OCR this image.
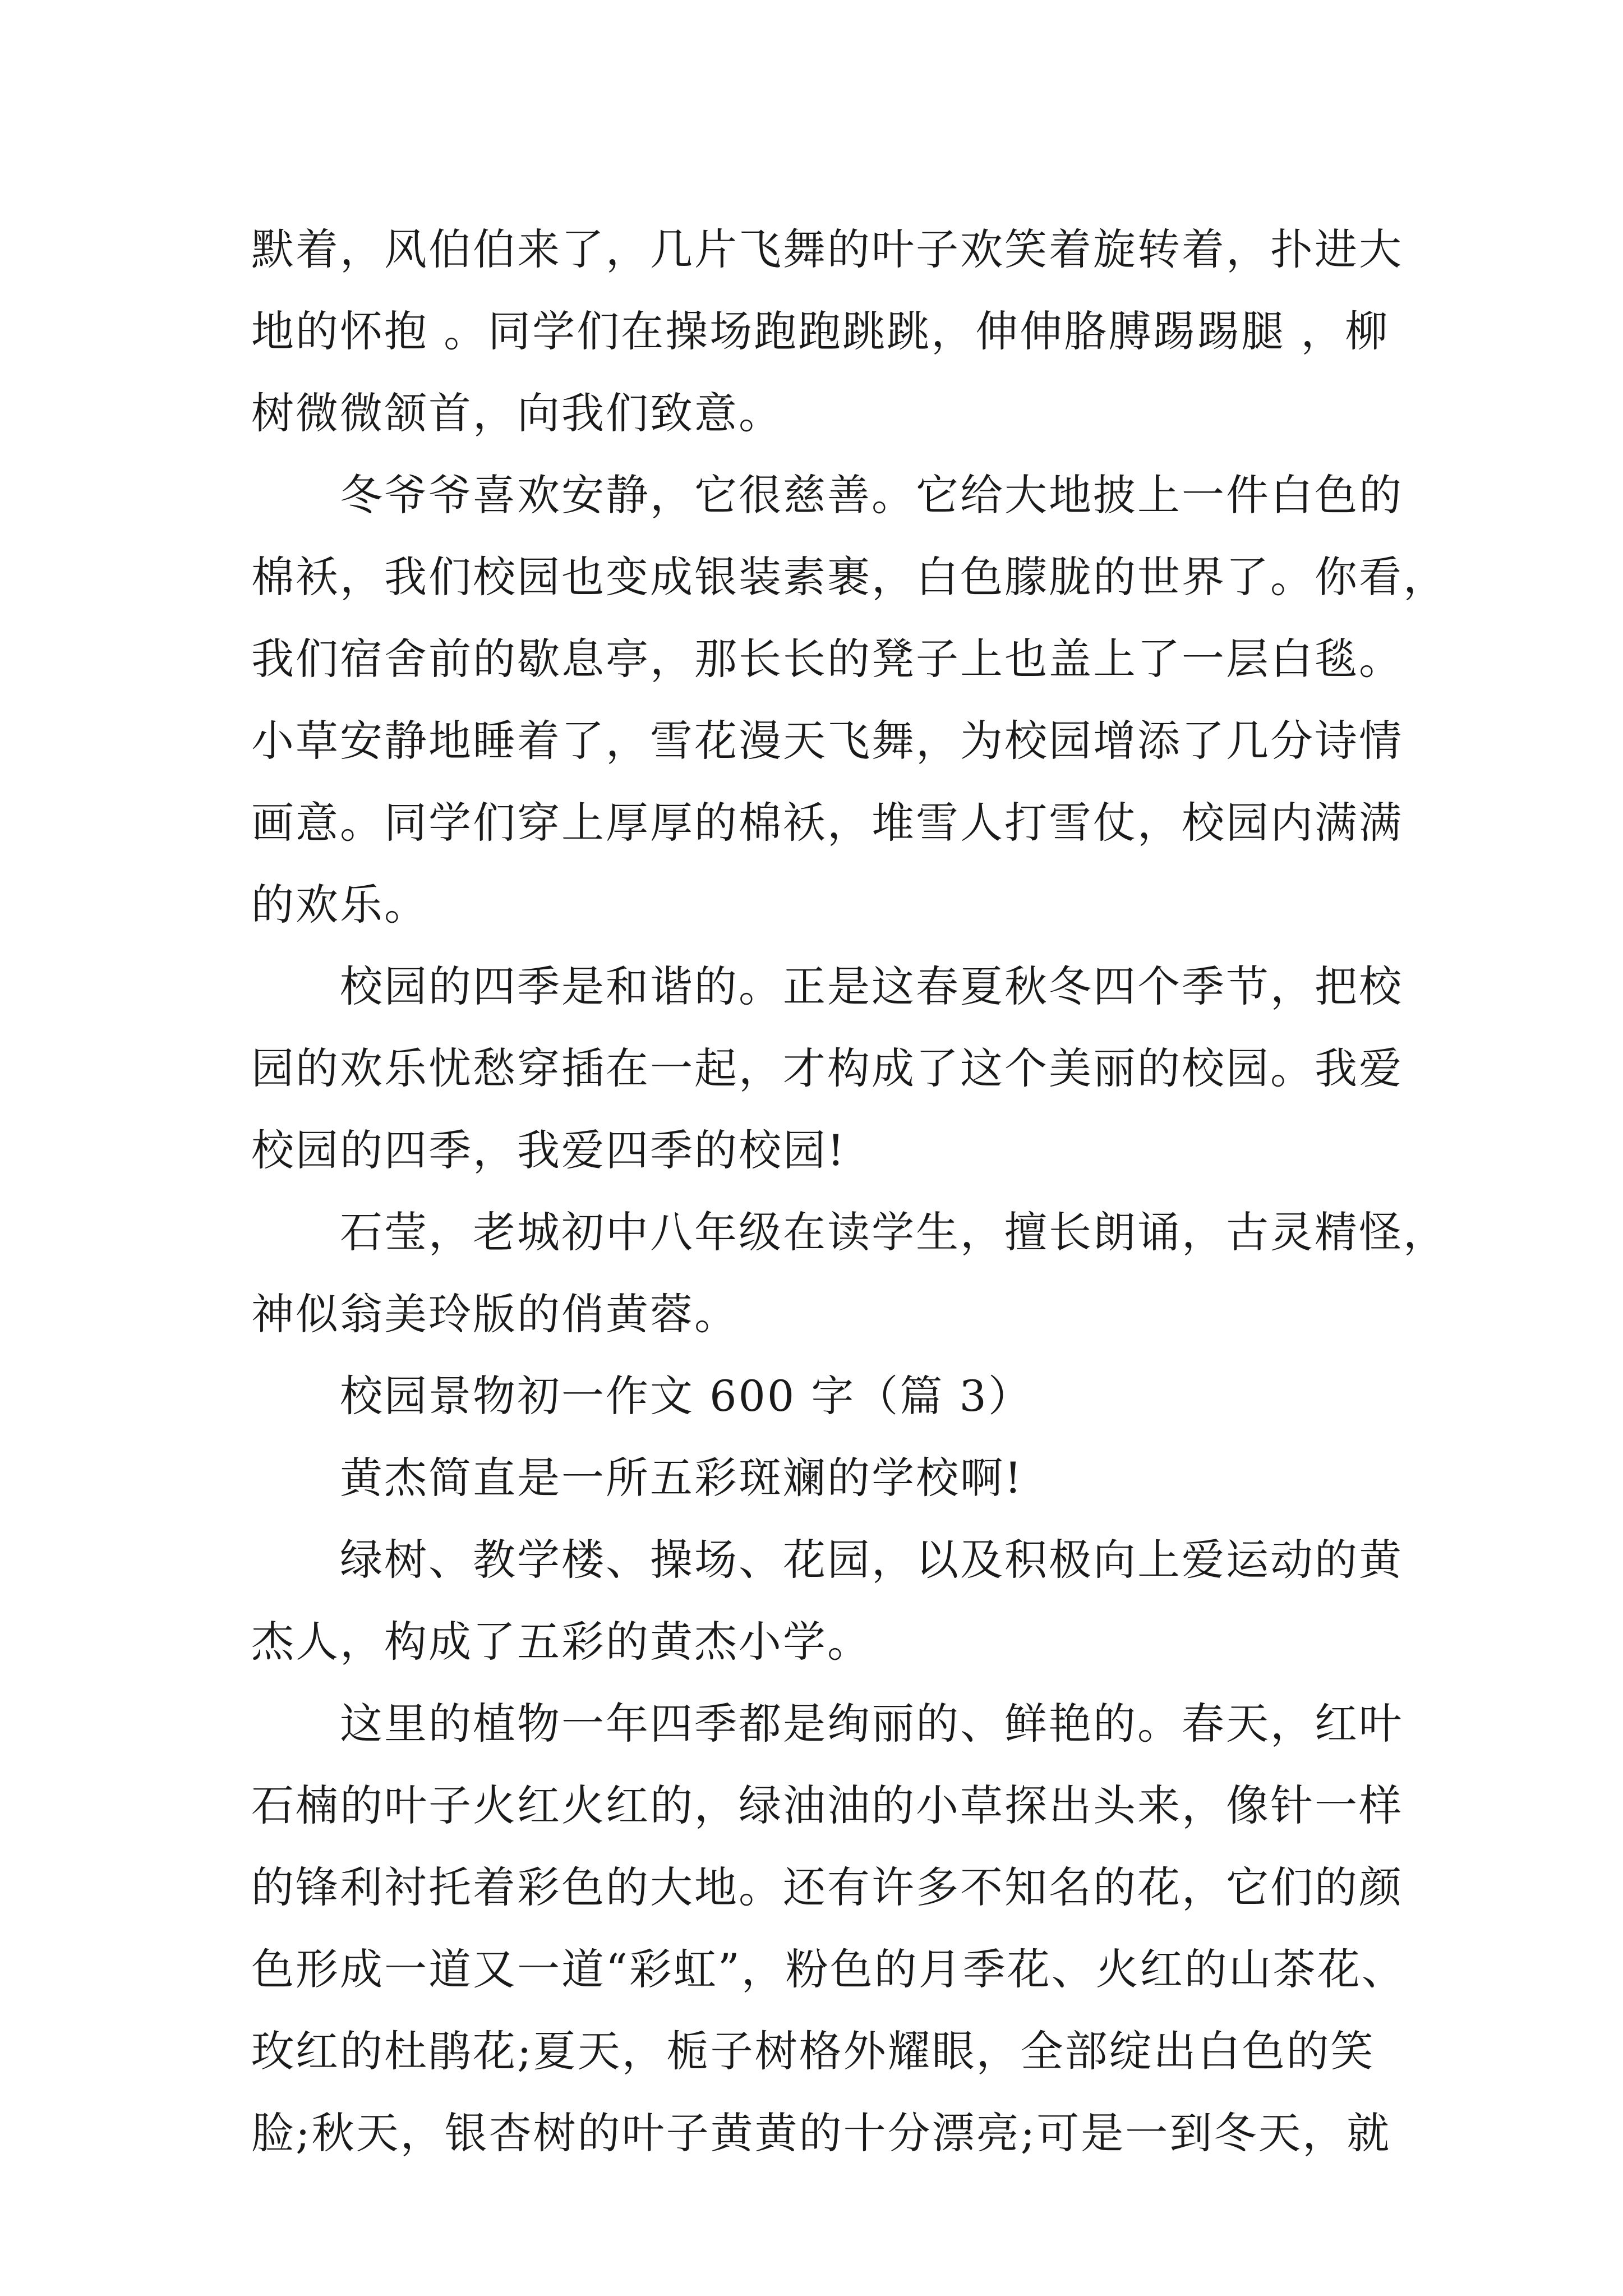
默着，风伯伯来了，几片飞舞的叶子欢笑着旋转着，扑进大
地的怀抱 。同学们在操场跑跑跳跳，伸伸胳膊踢踢腿 ，柳
树微微颔首，向我们致意。
冬爷爷喜欢安静，它很慈善。它给大地披上一件白色的
棉袄，我们校园也变成银装素裹，白色朦胧的世界了。你看，
我们宿舍前的歇息亭，那长长的凳子上也盖上了一层白毯。
小草安静地睡着了，雪花漫天飞舞，为校园增添了几分诗情
画意。同学们穿上厚厚的棉袄，堆雪人打雪仗，校园内满满
的欢乐。
校园的四季是和谐的。正是这春夏秋冬四个季节，把校
园的欢乐忧愁穿插在一起，才构成了这个美丽的校园。我爱
校园的四季，我爱四季的校园!
石莹，老城初中八年级在读学生，擅长朗诵，古灵精怪，
神似翁美玲版的俏黄蓉。
校园景物初一作文 600 字（篇 3）
黄杰简直是一所五彩斑斓的学校啊!
绿树、教学楼、操场、花园，以及积极向上爱运动的黄
杰人，构成了五彩的黄杰小学。
这里的植物一年四季都是绚丽的、鲜艳的。春天，红叶
石楠的叶子火红火红的，绿油油的小草探出头来，像针一样
的锋利衬托着彩色的大地。还有许多不知名的花，它们的颜
色形成一道又一道“彩虹”，粉色的月季花、火红的山茶花、
玫红的杜鹃花;夏天，栀子树格外耀眼，全部绽出白色的笑
脸;秋天，银杏树的叶子黄黄的十分漂亮;可是一到冬天，就
